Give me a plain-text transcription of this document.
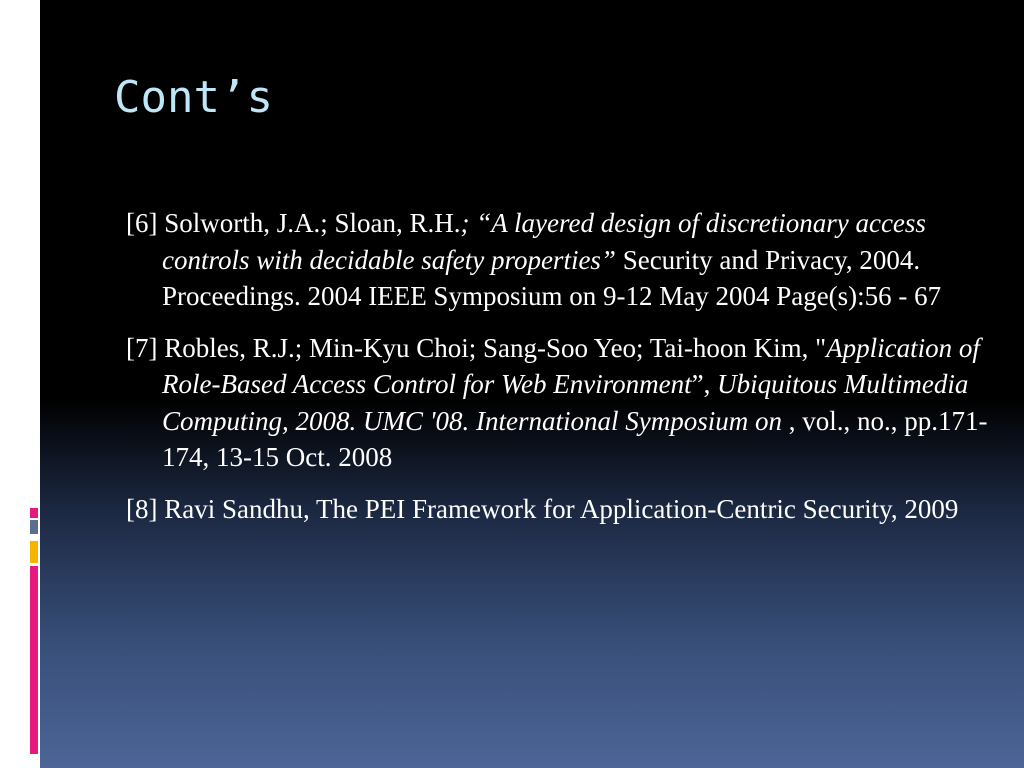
Cont’s

[6] Solworth, J.A.; Sloan, R.H.; “A layered design of discretionary access controls with decidable safety properties” Security and Privacy, 2004. Proceedings. 2004 IEEE Symposium on 9-12 May 2004 Page(s):56 - 67

[7] Robles, R.J.; Min-Kyu Choi; Sang-Soo Yeo; Tai-hoon Kim, "Application of Role-Based Access Control for Web Environment”, Ubiquitous Multimedia Computing, 2008. UMC '08. International Symposium on , vol., no., pp.171-174, 13-15 Oct. 2008

[8] Ravi Sandhu, The PEI Framework for Application-Centric Security, 2009
